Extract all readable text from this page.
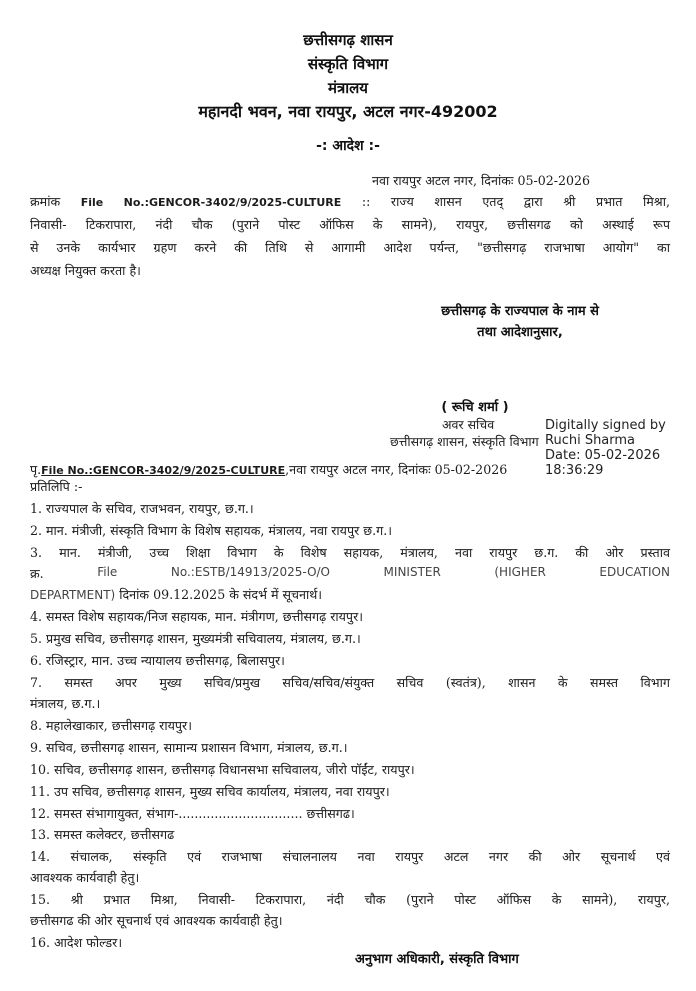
छत्तीसगढ़ शासन
संस्कृति विभाग
मंत्रालय
महानदी भवन, नवा रायपुर, अटल नगर-492002
-: आदेश :-
नवा रायपुर अटल नगर, दिनांकः 05-02-2026
क्रमांक File No.:GENCOR-3402/9/2025-CULTURE :: राज्य शासन एतद् द्वारा श्री प्रभात मिश्रा,
निवासी- टिकरापारा, नंदी चौक (पुराने पोस्ट ऑफिस के सामने), रायपुर, छत्तीसगढ को अस्थाई रूप
से उनके कार्यभार ग्रहण करने की तिथि से आगामी आदेश पर्यन्त, "छत्तीसगढ़ राजभाषा आयोग" का
अध्यक्ष नियुक्त करता है।
छत्तीसगढ़ के राज्यपाल के नाम से
तथा आदेशानुसार,
( रूचि शर्मा )
अवर सचिव
छत्तीसगढ़ शासन, संस्कृति विभाग
Digitally signed by
Ruchi Sharma
Date: 05-02-2026
18:36:29
पृ.File No.:GENCOR-3402/9/2025-CULTURE,नवा रायपुर अटल नगर, दिनांकः 05-02-2026
प्रतिलिपि :-
1. राज्यपाल के सचिव, राजभवन, रायपुर, छ.ग.।
2. मान. मंत्रीजी, संस्कृति विभाग के विशेष सहायक, मंत्रालय, नवा रायपुर छ.ग.।
3. मान. मंत्रीजी, उच्च शिक्षा विभाग के विशेष सहायक, मंत्रालय, नवा रायपुर छ.ग. की ओर प्रस्ताव
क्र.	File	No.:ESTB/14913/2025-O/O	MINISTER	(HIGHER	EDUCATION
DEPARTMENT) दिनांक 09.12.2025 के संदर्भ में सूचनार्थ।
4. समस्त विशेष सहायक/निज सहायक, मान. मंत्रीगण, छत्तीसगढ़ रायपुर।
5. प्रमुख सचिव, छत्तीसगढ़ शासन, मुख्यमंत्री सचिवालय, मंत्रालय, छ.ग.।
6. रजिस्ट्रार, मान. उच्च न्यायालय छत्तीसगढ़, बिलासपुर।
7. समस्त अपर मुख्य सचिव/प्रमुख सचिव/सचिव/संयुक्त सचिव (स्वतंत्र), शासन के समस्त विभाग
मंत्रालय, छ.ग.।
8. महालेखाकार, छत्तीसगढ़ रायपुर।
9. सचिव, छत्तीसगढ़ शासन, सामान्य प्रशासन विभाग, मंत्रालय, छ.ग.।
10. सचिव, छत्तीसगढ़ शासन, छत्तीसगढ़ विधानसभा सचिवालय, जीरो पॉईंट, रायपुर।
11. उप सचिव, छत्तीसगढ़ शासन, मुख्य सचिव कार्यालय, मंत्रालय, नवा रायपुर।
12. समस्त संभागायुक्त, संभाग-............................... छत्तीसगढ।
13. समस्त कलेक्टर, छत्तीसगढ
14. संचालक, संस्कृति एवं राजभाषा संचालनालय नवा रायपुर अटल नगर की ओर सूचनार्थ एवं
आवश्यक कार्यवाही हेतु।
15. श्री प्रभात मिश्रा, निवासी- टिकरापारा, नंदी चौक (पुराने पोस्ट ऑफिस के सामने), रायपुर,
छत्तीसगढ की ओर सूचनार्थ एवं आवश्यक कार्यवाही हेतु।
16. आदेश फोल्डर।
अनुभाग अधिकारी, संस्कृति विभाग
